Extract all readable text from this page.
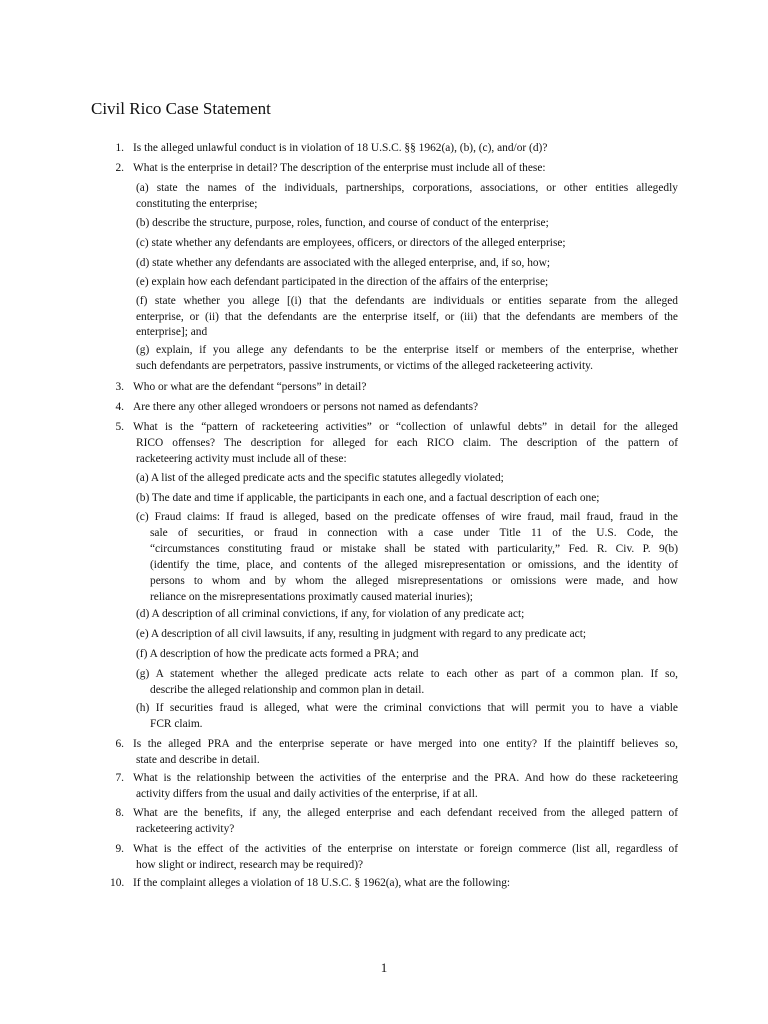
Civil Rico Case Statement
1. Is the alleged unlawful conduct is in violation of 18 U.S.C. §§ 1962(a), (b), (c), and/or (d)?
2. What is the enterprise in detail? The description of the enterprise must include all of these:
(a) state the names of the individuals, partnerships, corporations, associations, or other entities allegedly
constituting the enterprise;
(b) describe the structure, purpose, roles, function, and course of conduct of the enterprise;
(c) state whether any defendants are employees, officers, or directors of the alleged enterprise;
(d) state whether any defendants are associated with the alleged enterprise, and, if so, how;
(e) explain how each defendant participated in the direction of the affairs of the enterprise;
(f) state whether you allege [(i) that the defendants are individuals or entities separate from the alleged
enterprise, or (ii) that the defendants are the enterprise itself, or (iii) that the defendants are members of the
enterprise]; and
(g) explain, if you allege any defendants to be the enterprise itself or members of the enterprise, whether
such defendants are perpetrators, passive instruments, or victims of the alleged racketeering activity.
3. Who or what are the defendant “persons” in detail?
4. Are there any other alleged wrondoers or persons not named as defendants?
5. What is the “pattern of racketeering activities” or “collection of unlawful debts” in detail for the alleged
RICO offenses? The description for alleged for each RICO claim. The description of the pattern of
racketeering activity must include all of these:
(a) A list of the alleged predicate acts and the specific statutes allegedly violated;
(b) The date and time if applicable, the participants in each one, and a factual description of each one;
(c) Fraud claims: If fraud is alleged, based on the predicate offenses of wire fraud, mail fraud, fraud in the
sale of securities, or fraud in connection with a case under Title 11 of the U.S. Code, the
“circumstances constituting fraud or mistake shall be stated with particularity,” Fed. R. Civ. P. 9(b)
(identify the time, place, and contents of the alleged misrepresentation or omissions, and the identity of
persons to whom and by whom the alleged misrepresentations or omissions were made, and how
reliance on the misrepresentations proximatly caused material inuries);
(d) A description of all criminal convictions, if any, for violation of any predicate act;
(e) A description of all civil lawsuits, if any, resulting in judgment with regard to any predicate act;
(f) A description of how the predicate acts formed a PRA; and
(g) A statement whether the alleged predicate acts relate to each other as part of a common plan. If so,
describe the alleged relationship and common plan in detail.
(h) If securities fraud is alleged, what were the criminal convictions that will permit you to have a viable
FCR claim.
6. Is the alleged PRA and the enterprise seperate or have merged into one entity? If the plaintiff believes so,
state and describe in detail.
7. What is the relationship between the activities of the enterprise and the PRA. And how do these racketeering
activity differs from the usual and daily activities of the enterprise, if at all.
8. What are the benefits, if any, the alleged enterprise and each defendant received from the alleged pattern of
racketeering activity?
9. What is the effect of the activities of the enterprise on interstate or foreign commerce (list all, regardless of
how slight or indirect, research may be required)?
10. If the complaint alleges a violation of 18 U.S.C. § 1962(a), what are the following:
1
